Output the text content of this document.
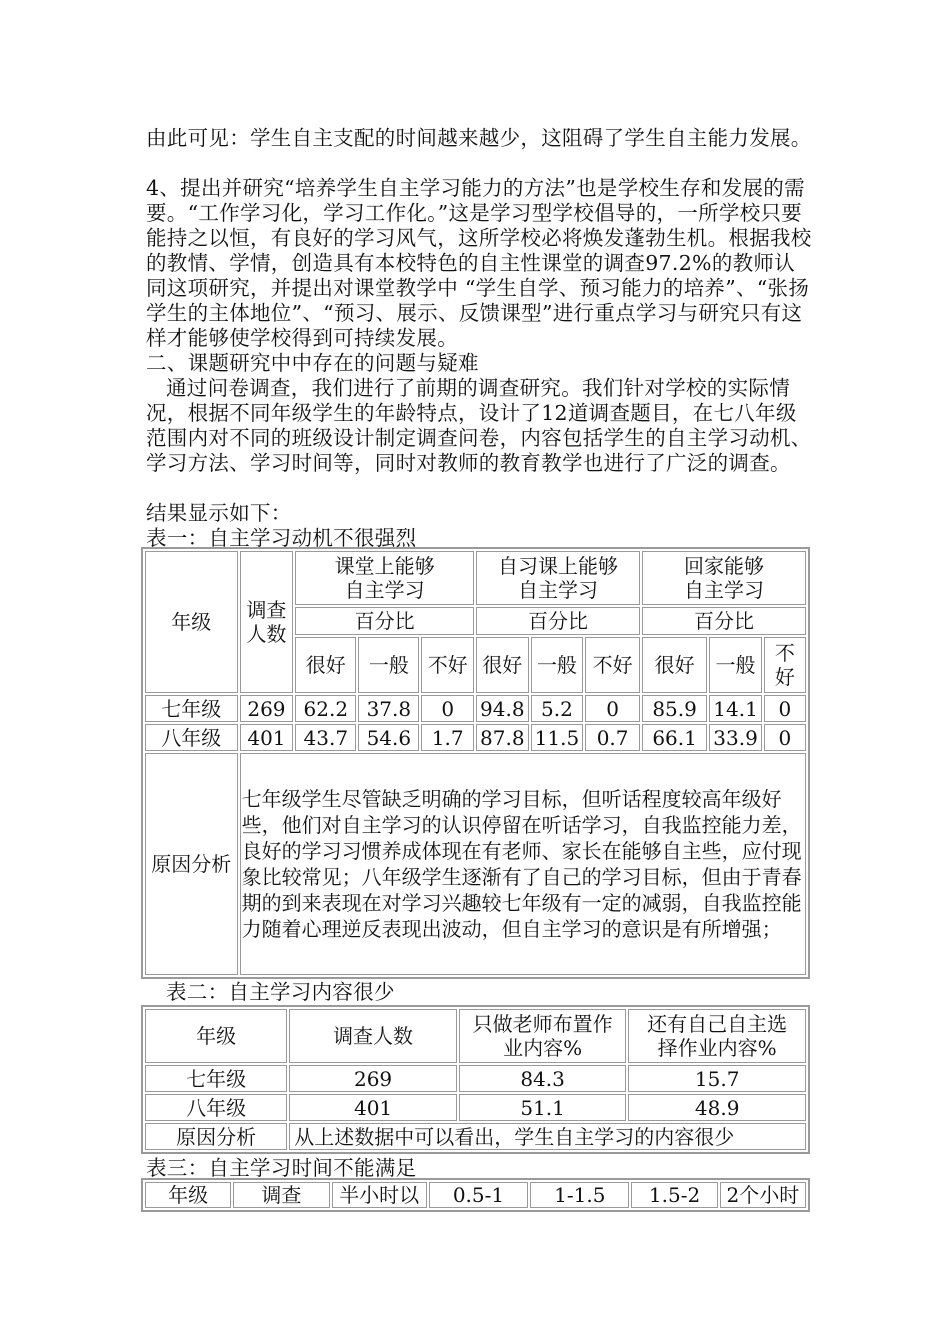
由此可见：学生自主支配的时间越来越少，这阻碍了学生自主能力发展。
4、提出并研究“培养学生自主学习能力的方法”也是学校生存和发展的需要。“工作学习化，学习工作化。”这是学习型学校倡导的，一所学校只要能持之以恒，有良好的学习风气，这所学校必将焕发蓬勃生机。根据我校的教情、学情，创造具有本校特色的自主性课堂的调查97.2%的教师认同这项研究，并提出对课堂教学中 “学生自学、预习能力的培养”、“张扬学生的主体地位”、“预习、展示、反馈课型”进行重点学习与研究只有这样才能够使学校得到可持续发展。
二、课题研究中中存在的问题与疑难
通过问卷调查，我们进行了前期的调查研究。我们针对学校的实际情况，根据不同年级学生的年龄特点，设计了12道调查题目，在七八年级范围内对不同的班级设计制定调查问卷，内容包括学生的自主学习动机、学习方法、学习时间等，同时对教师的教育教学也进行了广泛的调查。
结果显示如下：
表一：自主学习动机不很强烈
年级	调查人数	课堂上能够自主学习			自习课上能够自主学习			回家能够自主学习		
		百分比			百分比			百分比		
		很好	一般	不好	很好	一般	不好	很好	一般	不好
七年级	269	62.2	37.8	0	94.8	5.2	0	85.9	14.1	0
八年级	401	43.7	54.6	1.7	87.8	11.5	0.7	66.1	33.9	0
原因分析	七年级学生尽管缺乏明确的学习目标，但听话程度较高年级好些，他们对自主学习的认识停留在听话学习，自我监控能力差，良好的学习习惯养成体现在有老师、家长在能够自主些，应付现象比较常见；八年级学生逐渐有了自己的学习目标，但由于青春期的到来表现在对学习兴趣较七年级有一定的减弱，自我监控能力随着心理逆反表现出波动，但自主学习的意识是有所增强；									
表二：自主学习内容很少
年级	调查人数	只做老师布置作业内容%	还有自己自主选择作业内容%
七年级	269	84.3	15.7
八年级	401	51.1	48.9
原因分析	从上述数据中可以看出，学生自主学习的内容很少		
表三：自主学习时间不能满足
年级	调查	半小时以	0.5-1	1-1.5	1.5-2	2个小时
